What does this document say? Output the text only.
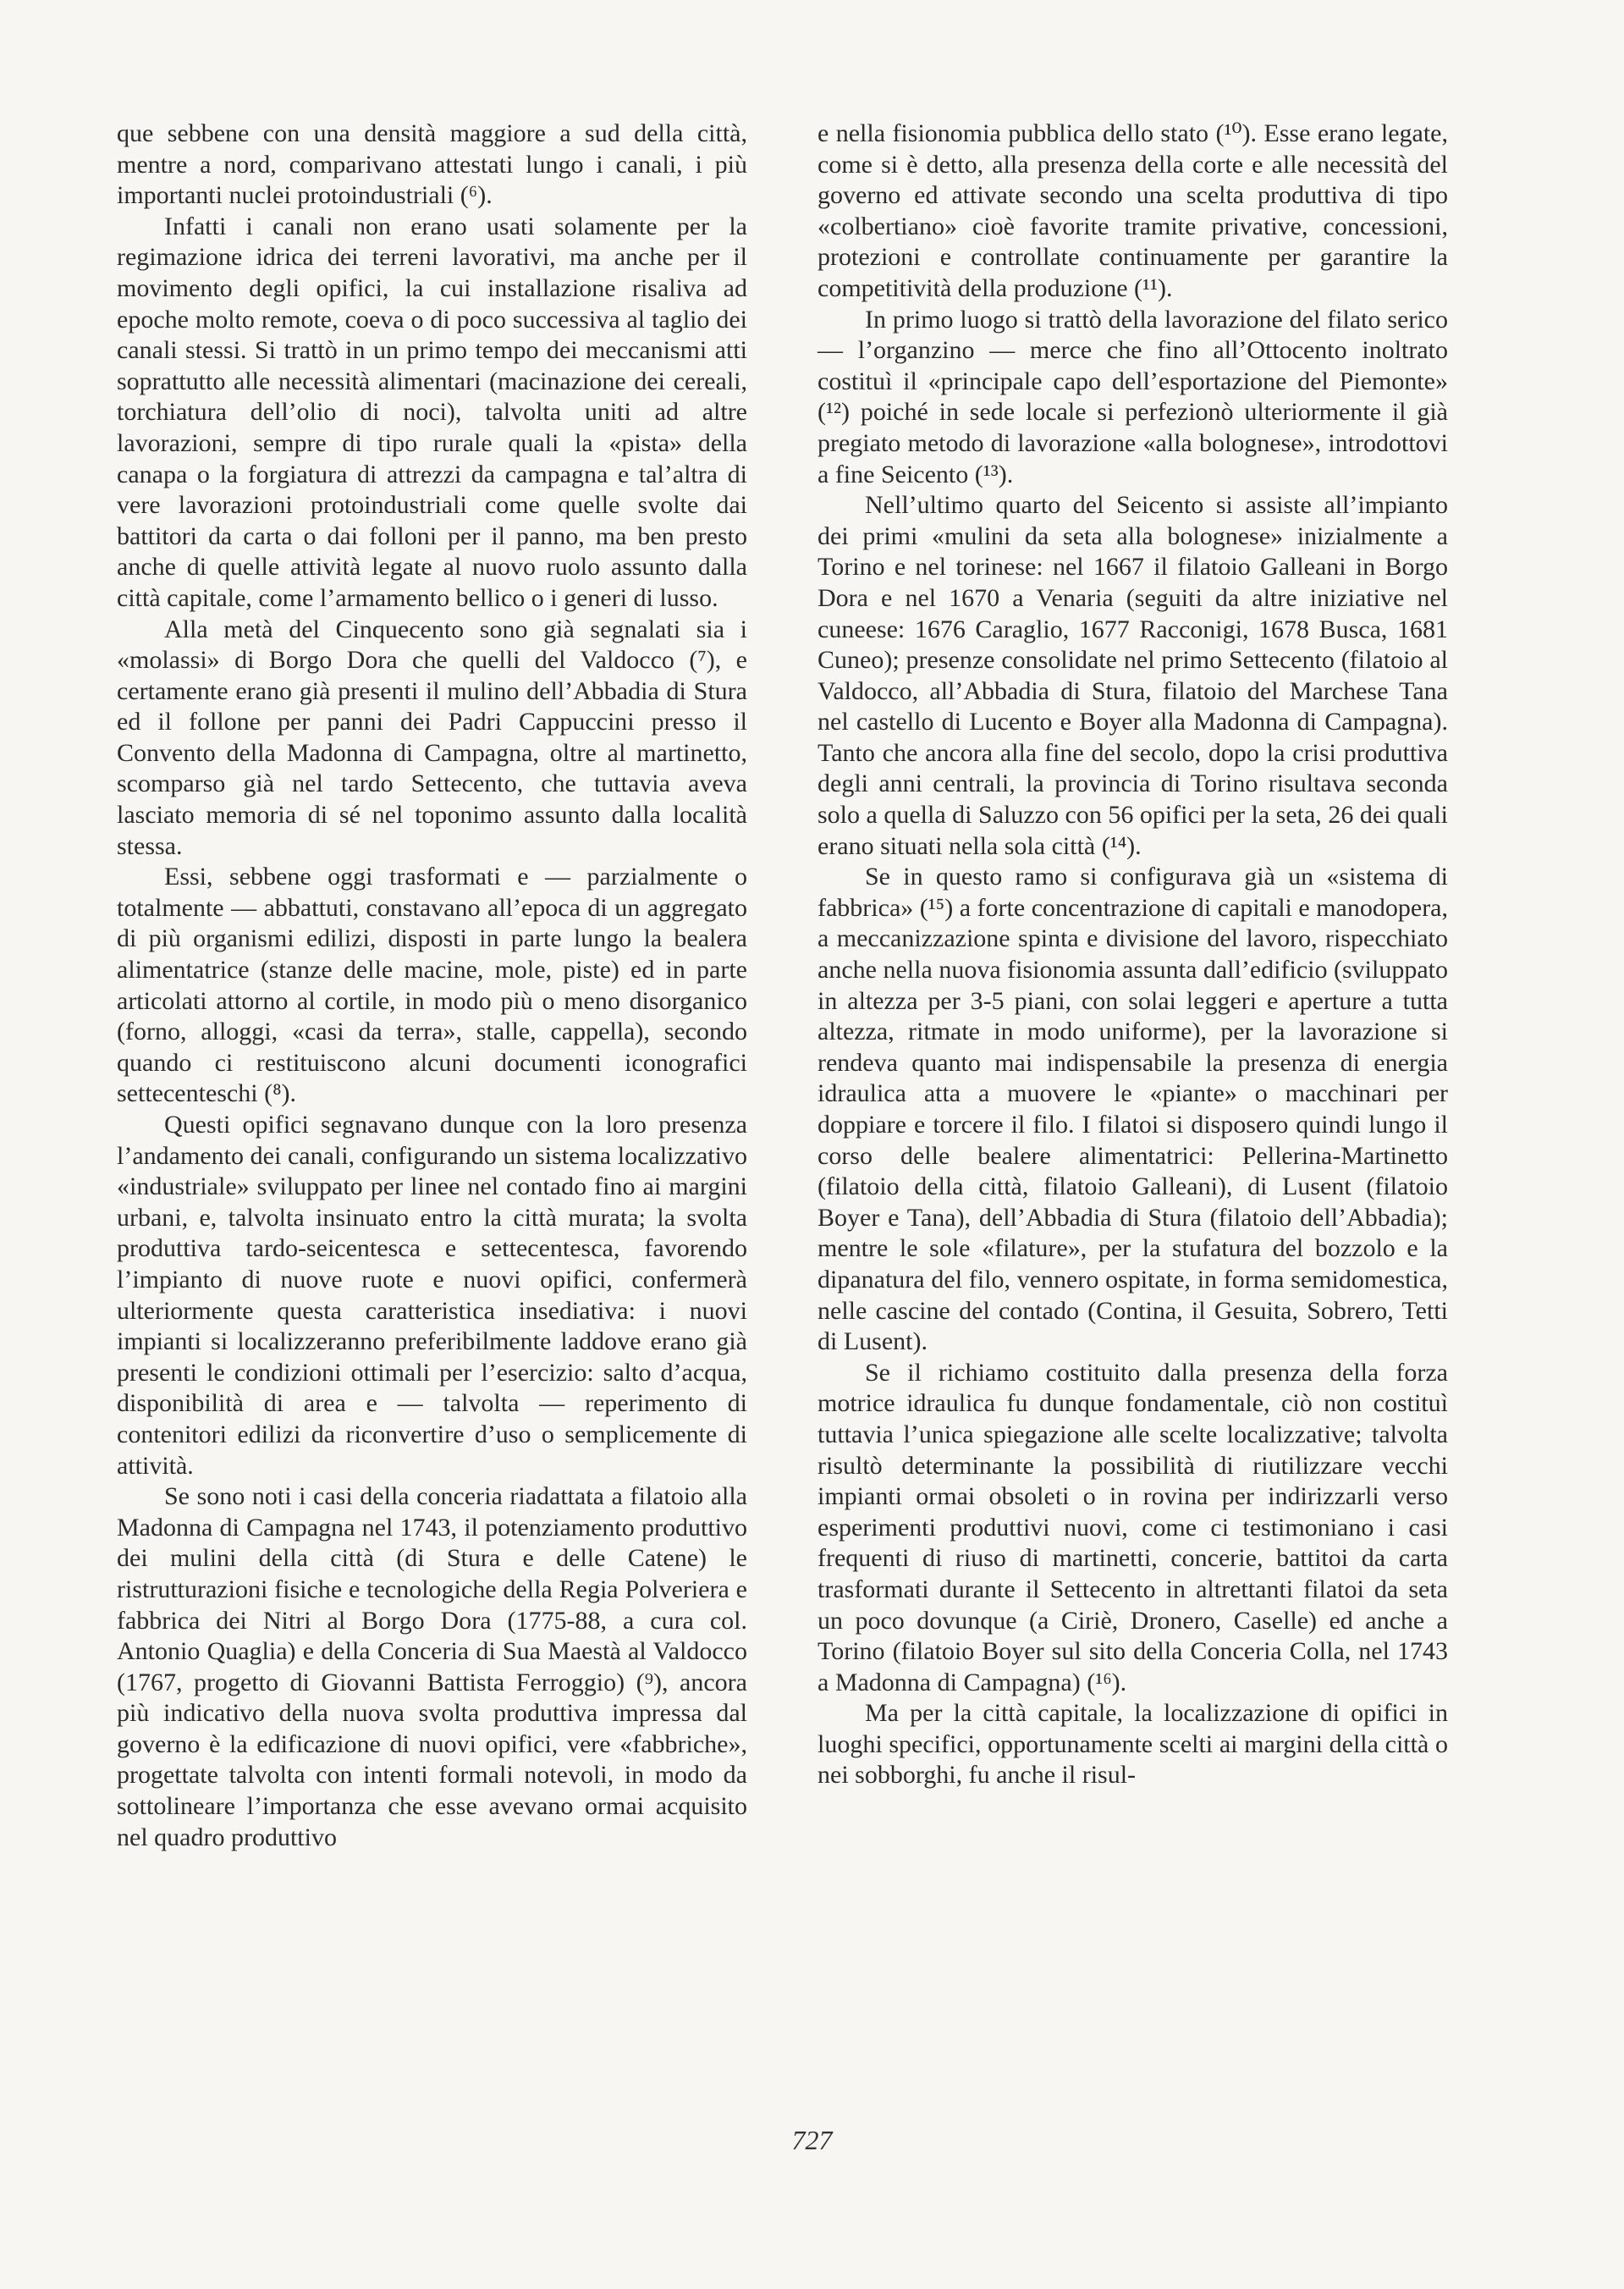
que sebbene con una densità maggiore a sud della città, mentre a nord, comparivano attestati lungo i canali, i più importanti nuclei protoindustriali (⁶).

Infatti i canali non erano usati solamente per la regimazione idrica dei terreni lavorativi, ma anche per il movimento degli opifici, la cui installazione risaliva ad epoche molto remote, coeva o di poco successiva al taglio dei canali stessi. Si trattò in un primo tempo dei meccanismi atti soprattutto alle necessità alimentari (macinazione dei cereali, torchiatura dell’olio di noci), talvolta uniti ad altre lavorazioni, sempre di tipo rurale quali la «pista» della canapa o la forgiatura di attrezzi da campagna e tal’altra di vere lavorazioni protoindustriali come quelle svolte dai battitori da carta o dai folloni per il panno, ma ben presto anche di quelle attività legate al nuovo ruolo assunto dalla città capitale, come l’armamento bellico o i generi di lusso.

Alla metà del Cinquecento sono già segnalati sia i «molassi» di Borgo Dora che quelli del Valdocco (⁷), e certamente erano già presenti il mulino dell’Abbadia di Stura ed il follone per panni dei Padri Cappuccini presso il Convento della Madonna di Campagna, oltre al martinetto, scomparso già nel tardo Settecento, che tuttavia aveva lasciato memoria di sé nel toponimo assunto dalla località stessa.

Essi, sebbene oggi trasformati e — parzialmente o totalmente — abbattuti, constavano all’epoca di un aggregato di più organismi edilizi, disposti in parte lungo la bealera alimentatrice (stanze delle macine, mole, piste) ed in parte articolati attorno al cortile, in modo più o meno disorganico (forno, alloggi, «casi da terra», stalle, cappella), secondo quando ci restituiscono alcuni documenti iconografici settecenteschi (⁸).

Questi opifici segnavano dunque con la loro presenza l’andamento dei canali, configurando un sistema localizzativo «industriale» sviluppato per linee nel contado fino ai margini urbani, e, talvolta insinuato entro la città murata; la svolta produttiva tardo-seicentesca e settecentesca, favorendo l’impianto di nuove ruote e nuovi opifici, confermerà ulteriormente questa caratteristica insediativa: i nuovi impianti si localizzeranno preferibilmente laddove erano già presenti le condizioni ottimali per l’esercizio: salto d’acqua, disponibilità di area e — talvolta — reperimento di contenitori edilizi da riconvertire d’uso o semplicemente di attività.

Se sono noti i casi della conceria riadattata a filatoio alla Madonna di Campagna nel 1743, il potenziamento produttivo dei mulini della città (di Stura e delle Catene) le ristrutturazioni fisiche e tecnologiche della Regia Polveriera e fabbrica dei Nitri al Borgo Dora (1775-88, a cura col. Antonio Quaglia) e della Conceria di Sua Maestà al Valdocco (1767, progetto di Giovanni Battista Ferroggio) (⁹), ancora più indicativo della nuova svolta produttiva impressa dal governo è la edificazione di nuovi opifici, vere «fabbriche», progettate talvolta con intenti formali notevoli, in modo da sottolineare l’importanza che esse avevano ormai acquisito nel quadro produttivo

e nella fisionomia pubblica dello stato (¹⁰). Esse erano legate, come si è detto, alla presenza della corte e alle necessità del governo ed attivate secondo una scelta produttiva di tipo «colbertiano» cioè favorite tramite privative, concessioni, protezioni e controllate continuamente per garantire la competitività della produzione (¹¹).

In primo luogo si trattò della lavorazione del filato serico — l’organzino — merce che fino all’Ottocento inoltrato costituì il «principale capo dell’esportazione del Piemonte» (¹²) poiché in sede locale si perfezionò ulteriormente il già pregiato metodo di lavorazione «alla bolognese», introdottovi a fine Seicento (¹³).

Nell’ultimo quarto del Seicento si assiste all’impianto dei primi «mulini da seta alla bolognese» inizialmente a Torino e nel torinese: nel 1667 il filatoio Galleani in Borgo Dora e nel 1670 a Venaria (seguiti da altre iniziative nel cuneese: 1676 Caraglio, 1677 Racconigi, 1678 Busca, 1681 Cuneo); presenze consolidate nel primo Settecento (filatoio al Valdocco, all’Abbadia di Stura, filatoio del Marchese Tana nel castello di Lucento e Boyer alla Madonna di Campagna). Tanto che ancora alla fine del secolo, dopo la crisi produttiva degli anni centrali, la provincia di Torino risultava seconda solo a quella di Saluzzo con 56 opifici per la seta, 26 dei quali erano situati nella sola città (¹⁴).

Se in questo ramo si configurava già un «sistema di fabbrica» (¹⁵) a forte concentrazione di capitali e manodopera, a meccanizzazione spinta e divisione del lavoro, rispecchiato anche nella nuova fisionomia assunta dall’edificio (sviluppato in altezza per 3-5 piani, con solai leggeri e aperture a tutta altezza, ritmate in modo uniforme), per la lavorazione si rendeva quanto mai indispensabile la presenza di energia idraulica atta a muovere le «piante» o macchinari per doppiare e torcere il filo. I filatoi si disposero quindi lungo il corso delle bealere alimentatrici: Pellerina-Martinetto (filatoio della città, filatoio Galleani), di Lusent (filatoio Boyer e Tana), dell’Abbadia di Stura (filatoio dell’Abbadia); mentre le sole «filature», per la stufatura del bozzolo e la dipanatura del filo, vennero ospitate, in forma semidomestica, nelle cascine del contado (Contina, il Gesuita, Sobrero, Tetti di Lusent).

Se il richiamo costituito dalla presenza della forza motrice idraulica fu dunque fondamentale, ciò non costituì tuttavia l’unica spiegazione alle scelte localizzative; talvolta risultò determinante la possibilità di riutilizzare vecchi impianti ormai obsoleti o in rovina per indirizzarli verso esperimenti produttivi nuovi, come ci testimoniano i casi frequenti di riuso di martinetti, concerie, battitoi da carta trasformati durante il Settecento in altrettanti filatoi da seta un poco dovunque (a Ciriè, Dronero, Caselle) ed anche a Torino (filatoio Boyer sul sito della Conceria Colla, nel 1743 a Madonna di Campagna) (¹⁶).

Ma per la città capitale, la localizzazione di opifici in luoghi specifici, opportunamente scelti ai margini della città o nei sobborghi, fu anche il risul-

727
